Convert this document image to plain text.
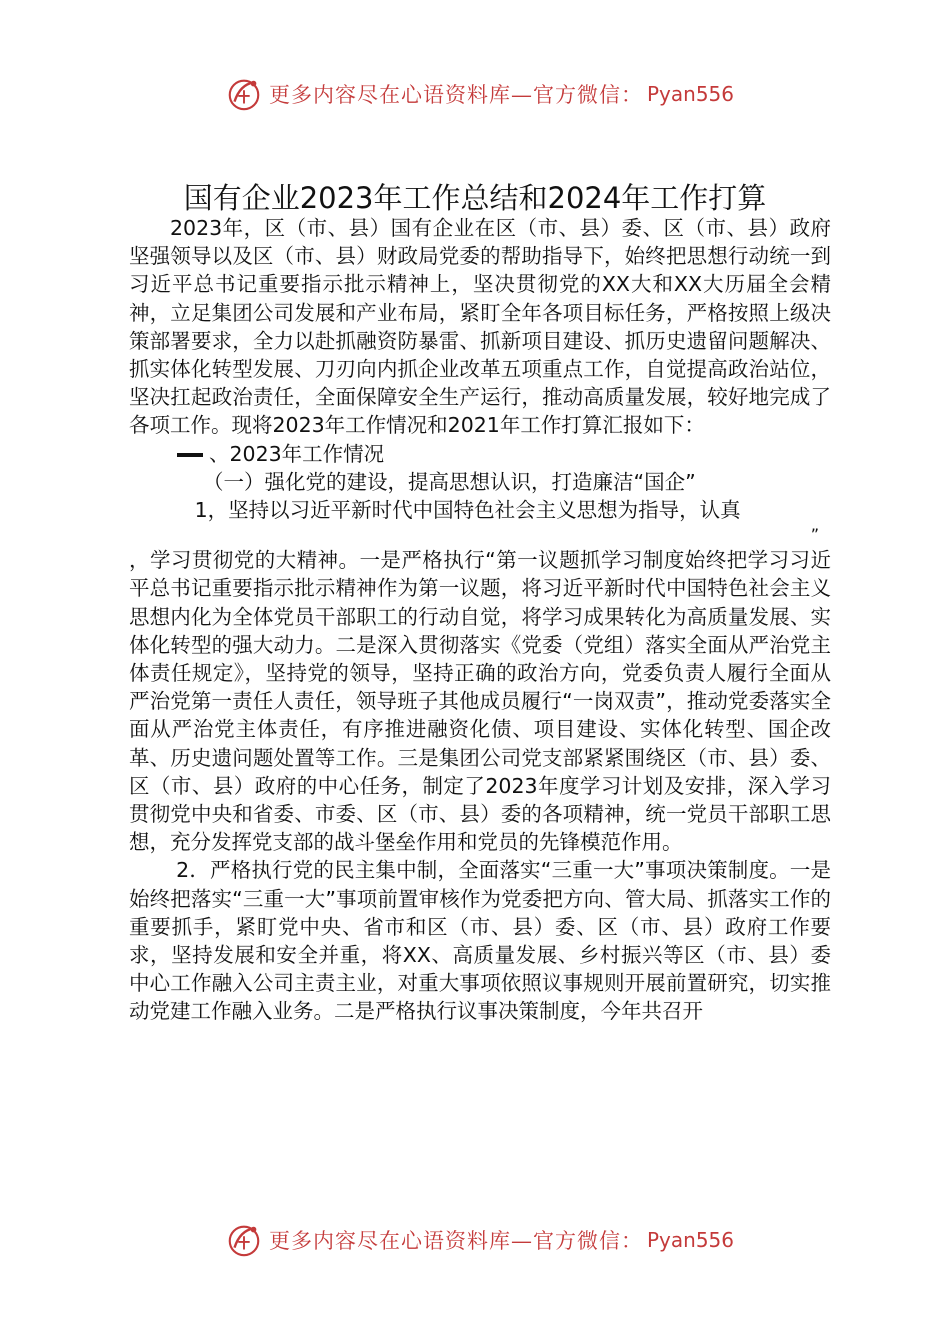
更多内容尽在心语资料库—官方微信： Pyan556
国有企业2023年工作总结和2024年工作打算

2023年，区（市、县）国有企业在区（市、县）委、区（市、县）政府坚强领导以及区（市、县）财政局党委的帮助指导下，始终把思想行动统一到习近平总书记重要指示批示精神上，坚决贯彻党的XX大和XX大历届全会精神，立足集团公司发展和产业布局，紧盯全年各项目标任务，严格按照上级决策部署要求，全力以赴抓融资防暴雷、抓新项目建设、抓历史遗留问题解决、抓实体化转型发展、刀刃向内抓企业改革五项重点工作，自觉提高政治站位，坚决扛起政治责任，全面保障安全生产运行，推动高质量发展，较好地完成了各项工作。现将2023年工作情况和2021年工作打算汇报如下：

、2023年工作情况

（一）强化党的建设，提高思想认识，打造廉洁“国企”

1，坚持以习近平新时代中国特色社会主义思想为指导，认真

”

，学习贯彻党的大精神。一是严格执行“第一议题抓学习制度始终把学习习近平总书记重要指示批示精神作为第一议题，将习近平新时代中国特色社会主义思想内化为全体党员干部职工的行动自觉，将学习成果转化为高质量发展、实体化转型的强大动力。二是深入贯彻落实《党委（党组）落实全面从严治党主体责任规定》，坚持党的领导，坚持正确的政治方向，党委负责人履行全面从严治党第一责任人责任，领导班子其他成员履行“一岗双责”，推动党委落实全面从严治党主体责任，有序推进融资化债、项目建设、实体化转型、国企改革、历史遗问题处置等工作。三是集团公司党支部紧紧围绕区（市、县）委、区（市、县）政府的中心任务，制定了2023年度学习计划及安排，深入学习贯彻党中央和省委、市委、区（市、县）委的各项精神，统一党员干部职工思想，充分发挥党支部的战斗堡垒作用和党员的先锋模范作用。

2．严格执行党的民主集中制，全面落实“三重一大”事项决策制度。一是始终把落实“三重一大”事项前置审核作为党委把方向、管大局、抓落实工作的重要抓手，紧盯党中央、省市和区（市、县）委、区（市、县）政府工作要求，坚持发展和安全并重，将XX、高质量发展、乡村振兴等区（市、县）委中心工作融入公司主责主业，对重大事项依照议事规则开展前置研究，切实推动党建工作融入业务。二是严格执行议事决策制度，今年共召开

更多内容尽在心语资料库—官方微信： Pyan556
